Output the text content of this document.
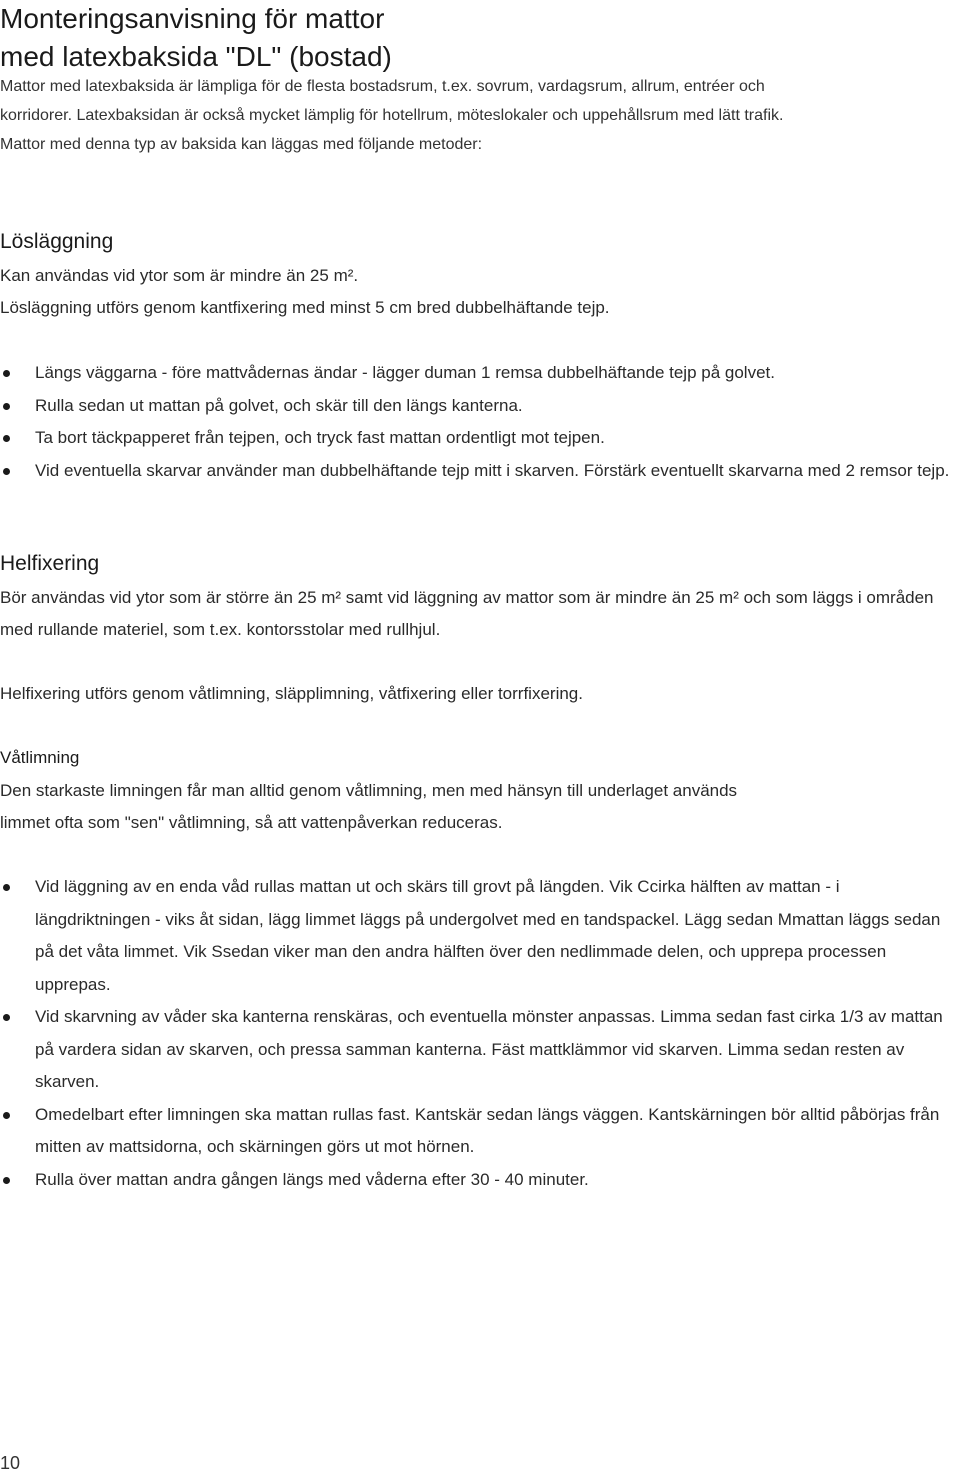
Monteringsanvisning för mattor
med latexbaksida "DL" (bostad)

Mattor med latexbaksida är lämpliga för de flesta bostadsrum, t.ex. sovrum, vardagsrum, allrum, entréer och

korridorer. Latexbaksidan är också mycket lämplig för hotellrum, möteslokaler och uppehållsrum med lätt trafik.

Mattor med denna typ av baksida kan läggas med följande metoder:

Lösläggning

Kan användas vid ytor som är mindre än 25 m².

Lösläggning utförs genom kantfixering med minst 5 cm bred dubbelhäftande tejp.

Längs väggarna - före mattvådernas ändar - lägger duman 1 remsa dubbelhäftande tejp på golvet.
Rulla sedan ut mattan på golvet, och skär till den längs kanterna.
Ta bort täckpapperet från tejpen, och tryck fast mattan ordentligt mot tejpen.
Vid eventuella skarvar använder man dubbelhäftande tejp mitt i skarven. Förstärk eventuellt skarvarna med 2 remsor tejp.
Helfixering

Bör användas vid ytor som är större än 25 m² samt vid läggning av mattor som är mindre än 25 m² och som läggs i områden med rullande materiel, som t.ex. kontorsstolar med rullhjul.

Helfixering utförs genom våtlimning, släpplimning, våtfixering eller torrfixering.

Våtlimning

Den starkaste limningen får man alltid genom våtlimning, men med hänsyn till underlaget används

limmet ofta som "sen" våtlimning, så att vattenpåverkan reduceras.

Vid läggning av en enda våd rullas mattan ut och skärs till grovt på längden. Vik Ccirka hälften av mattan - i längdriktningen - viks åt sidan, lägg limmet läggs på undergolvet med en tandspackel. Lägg sedan Mmattan läggs sedan på det våta limmet. Vik Ssedan viker man den andra hälften över den nedlimmade delen, och upprepa processen upprepas.
Vid skarvning av våder ska kanterna renskäras, och eventuella mönster anpassas. Limma sedan fast cirka 1/3 av mattan på vardera sidan av skarven, och pressa samman kanterna. Fäst mattklämmor vid skarven. Limma sedan resten av skarven.
Omedelbart efter limningen ska mattan rullas fast. Kantskär sedan längs väggen. Kantskärningen bör alltid påbörjas från mitten av mattsidorna, och skärningen görs ut mot hörnen.
Rulla över mattan andra gången längs med våderna efter 30 - 40 minuter.
10
